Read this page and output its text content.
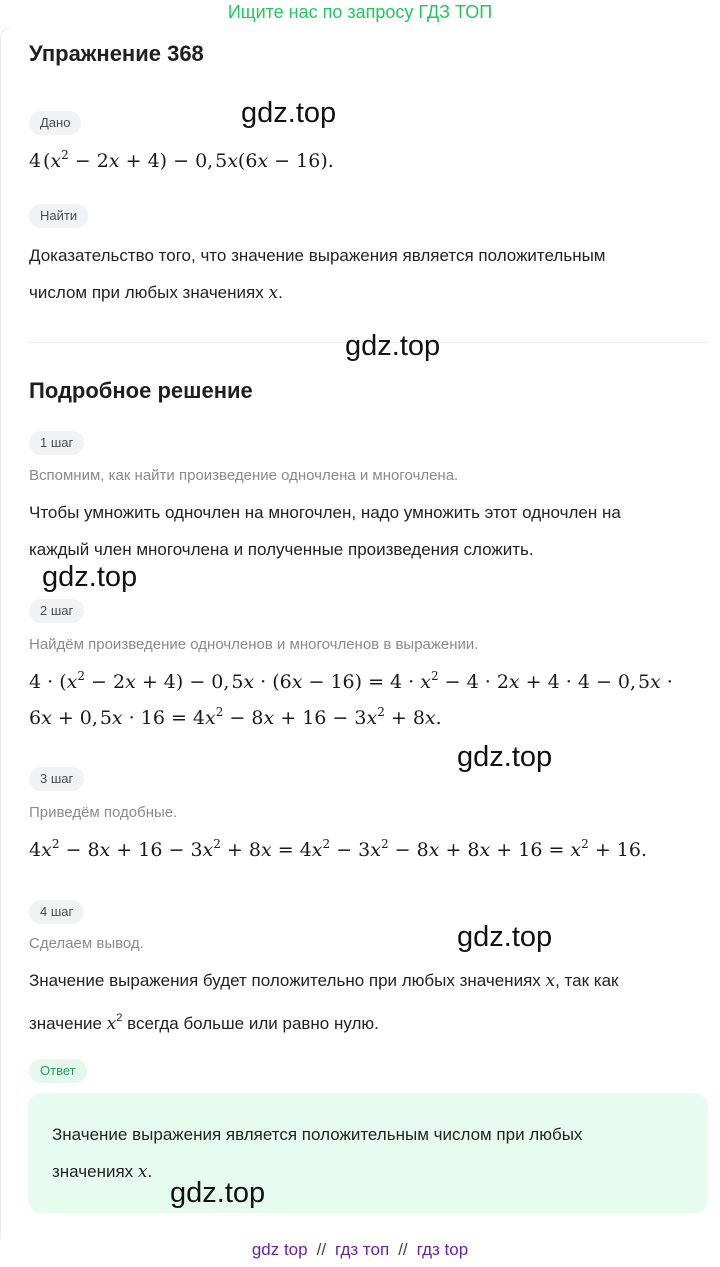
Ищите нас по запросу ГДЗ ТОП
Упражнение 368
Дано
4 $(x^2 - 2x + 4) - 0$, 5x(6x − 16).
Найти
Доказательство того, что значение выражения является положительным
числом при любых значениях x.
Подробное решение
1 шаг
Вспомним, как найти произведение одночлена и многочлена.
Чтобы умножить одночлен на многочлен, надо умножить этот одночлен на
каждый член многочлена и полученные произведения сложить.
2 шаг
Найдём произведение одночленов и многочленов в выражении.
$4 \cdot (x^2 - 2x + 4) - 0$, $5x \cdot (6x - 16) = 4 \cdot x^2 - 4 \cdot 2x + 4 \cdot 4 - 0$, 5x ·
6x + 0, $5x \cdot 16 = 4x^2 - 8x + 16 - 3x^2 + 8x$.
3 шаг
Приведём подобные.
$4x^2 - 8x + 16 - 3x^2 + 8x = 4x^2 - 3x^2 - 8x + 8x + 16 = x^2 + 16$.
4 шаг
Сделаем вывод.
Значение выражения будет положительно при любых значениях x, так как
значение $x^2$ всегда больше или равно нулю.
Ответ
Значение выражения является положительным числом при любых
значениях x.
gdz.top
gdz.top
gdz.top
gdz.top
gdz.top
gdz.top
gdz top // гдз топ // гдз top
